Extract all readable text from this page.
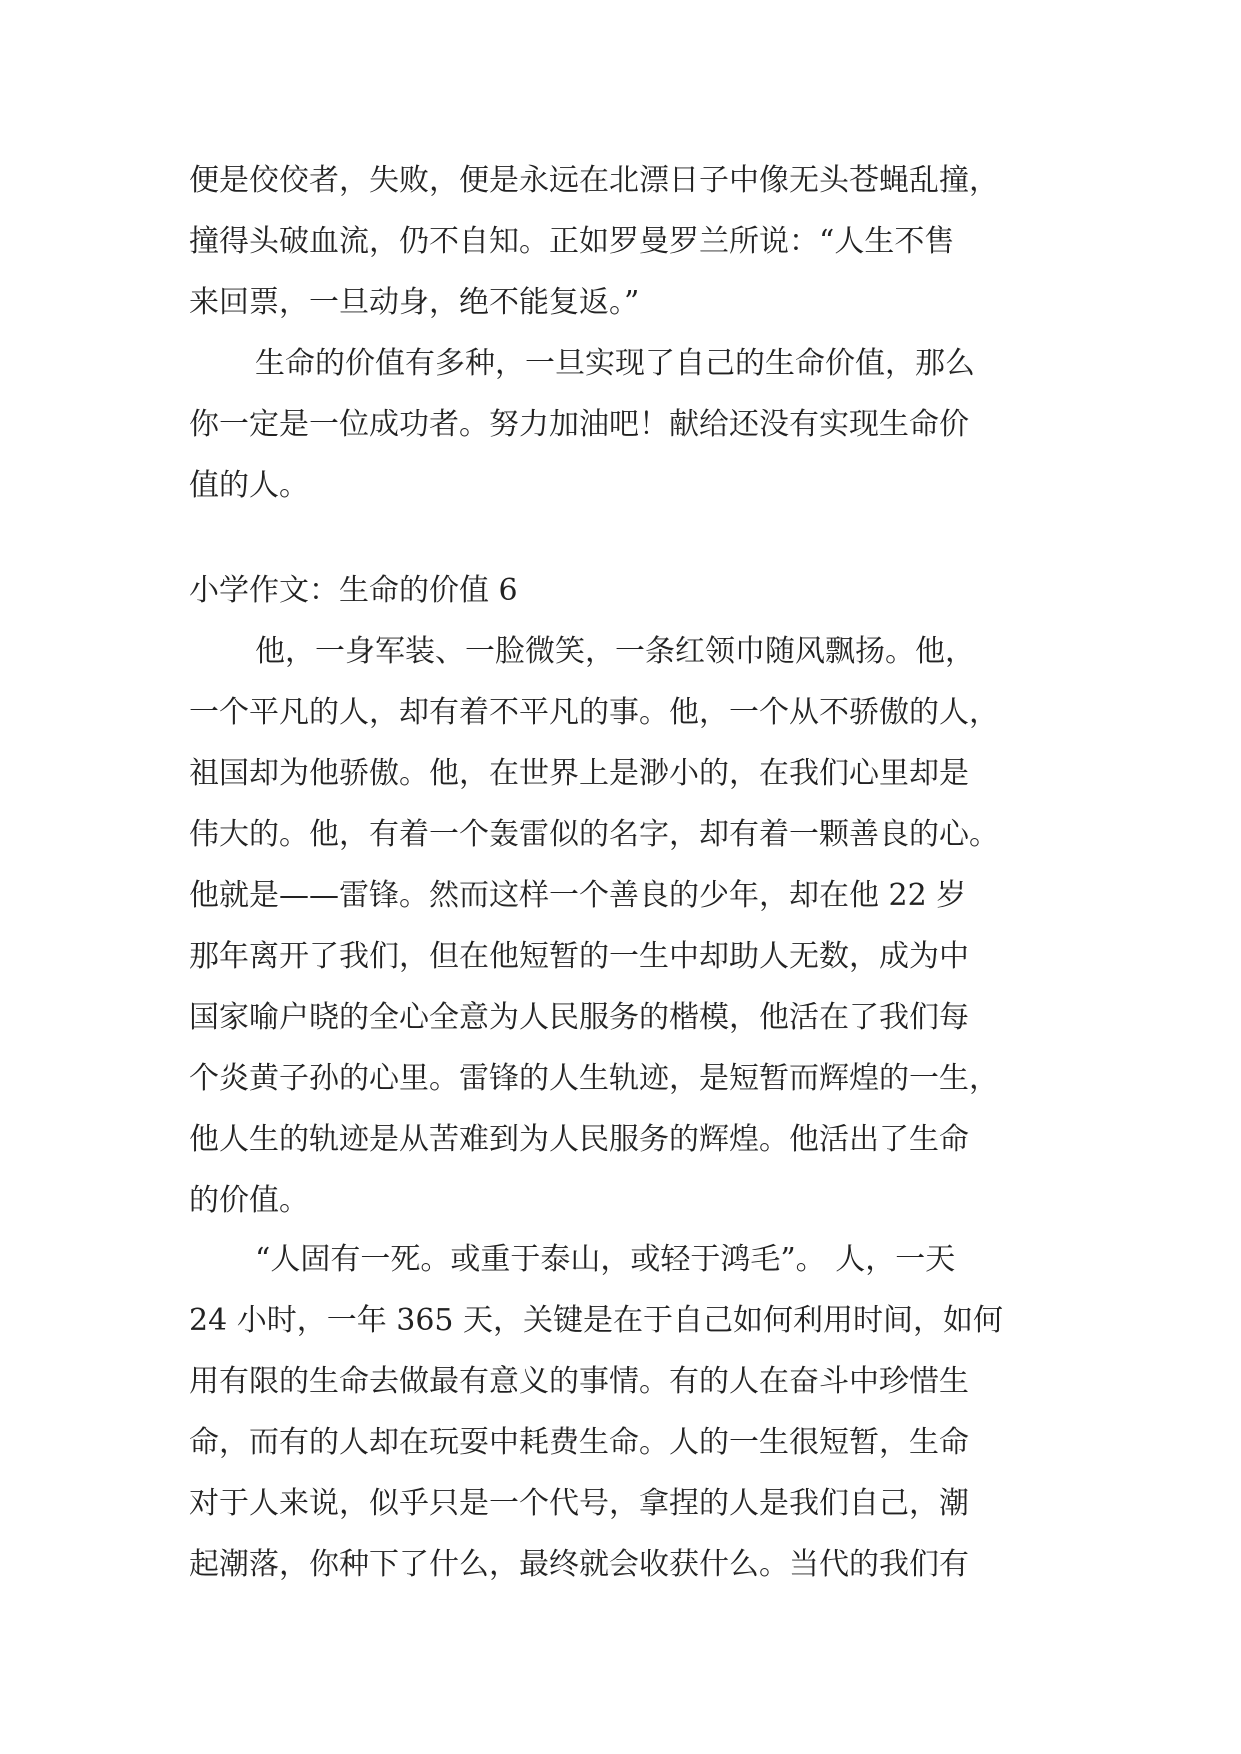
便是佼佼者，失败，便是永远在北漂日子中像无头苍蝇乱撞，
撞得头破血流，仍不自知。正如罗曼罗兰所说：“人生不售
来回票，一旦动身，绝不能复返。”
生命的价值有多种，一旦实现了自己的生命价值，那么
你一定是一位成功者。努力加油吧！献给还没有实现生命价
值的人。
小学作文：生命的价值 6
他，一身军装、一脸微笑，一条红领巾随风飘扬。他，
一个平凡的人，却有着不平凡的事。他，一个从不骄傲的人，
祖国却为他骄傲。他，在世界上是渺小的，在我们心里却是
伟大的。他，有着一个轰雷似的名字，却有着一颗善良的心。
他就是——雷锋。然而这样一个善良的少年，却在他 22 岁
那年离开了我们，但在他短暂的一生中却助人无数，成为中
国家喻户晓的全心全意为人民服务的楷模，他活在了我们每
个炎黄子孙的心里。雷锋的人生轨迹，是短暂而辉煌的一生，
他人生的轨迹是从苦难到为人民服务的辉煌。他活出了生命
的价值。
“人固有一死。或重于泰山，或轻于鸿毛”。 人，一天
24 小时，一年 365 天，关键是在于自己如何利用时间，如何
用有限的生命去做最有意义的事情。有的人在奋斗中珍惜生
命，而有的人却在玩耍中耗费生命。人的一生很短暂，生命
对于人来说，似乎只是一个代号，拿捏的人是我们自己，潮
起潮落，你种下了什么，最终就会收获什么。当代的我们有
